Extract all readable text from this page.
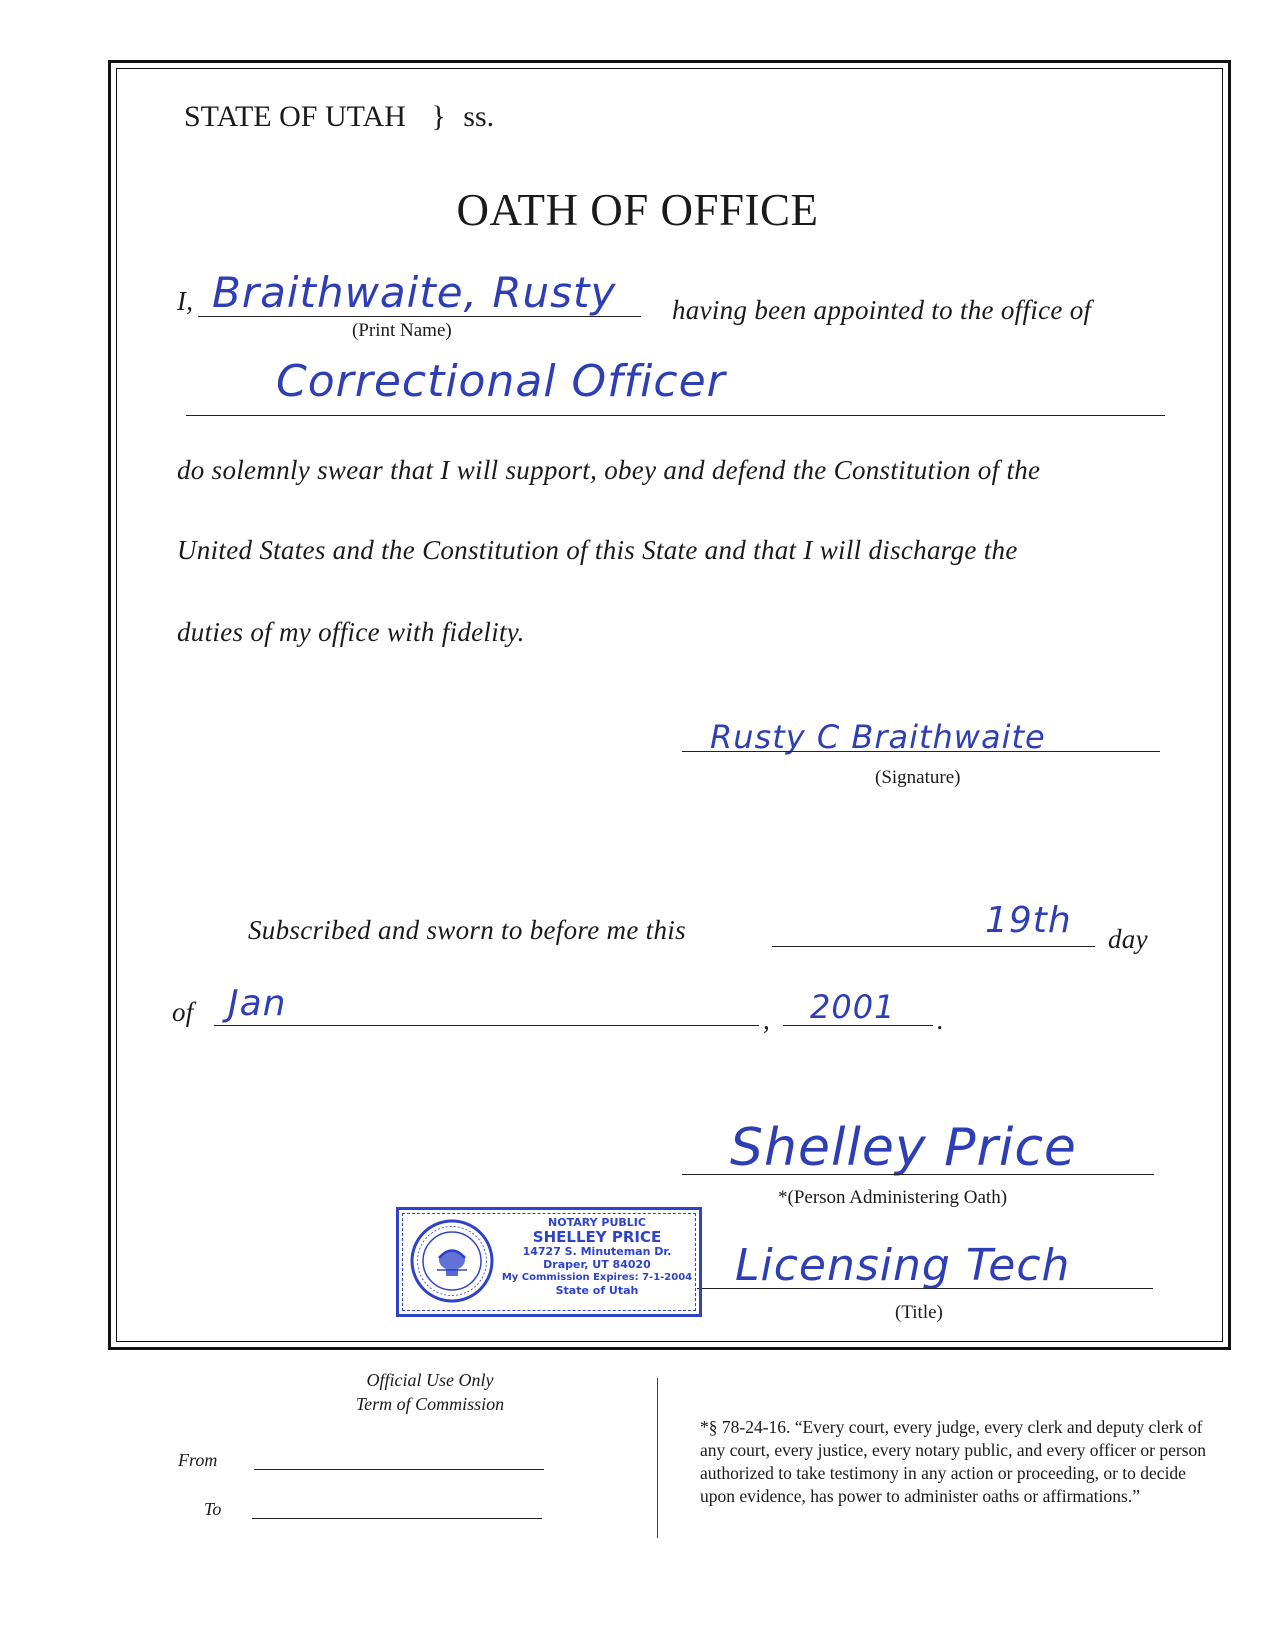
STATE OF UTAH } ss.
OATH OF OFFICE
I, Braithwaite, Rusty
(Print Name)
having been appointed to the office of
Correctional Officer
do solemnly swear that I will support, obey and defend the Constitution of the
United States and the Constitution of this State and that I will discharge the
duties of my office with fidelity.
Rusty C Braithwaite
(Signature)
Subscribed and sworn to before me this	19th day
of Jan	, 2001 .
Shelley Price
*(Person Administering Oath)
Licensing Tech
(Title)
NOTARY PUBLIC
SHELLEY PRICE
14727 S. Minuteman Dr.
Draper, UT 84020
My Commission Expires: 7-1-2004
State of Utah
Official Use Only
Term of Commission
From
To
*§ 78-24-16. “Every court, every judge, every clerk and deputy clerk of any court, every justice, every notary public, and every officer or person authorized to take testimony in any action or proceeding, or to decide upon evidence, has power to administer oaths or affirmations.”
